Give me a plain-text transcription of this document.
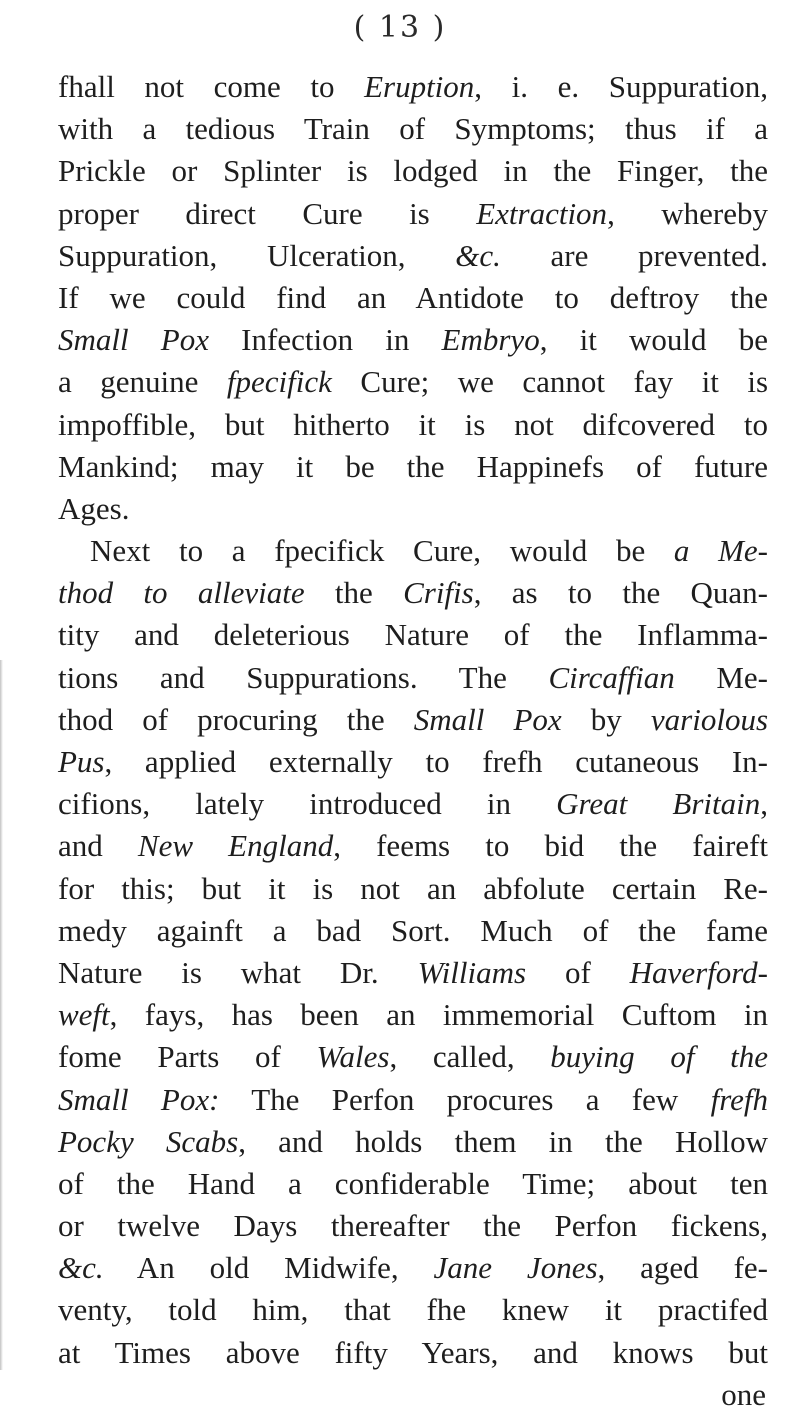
( 13 )
fhall not come to Eruption, i. e. Suppuration,
with a tedious Train of Symptoms; thus if a
Prickle or Splinter is lodged in the Finger, the
proper direct Cure is Extraction, whereby
Suppuration, Ulceration, &c. are prevented.
If we could find an Antidote to deftroy the
Small Pox Infection in Embryo, it would be
a genuine fpecifick Cure; we cannot fay it is
impoffible, but hitherto it is not difcovered to
Mankind; may it be the Happinefs of future
Ages.
Next to a fpecifick Cure, would be a Me-
thod to alleviate the Crifis, as to the Quan-
tity and deleterious Nature of the Inflamma-
tions and Suppurations. The Circaffian Me-
thod of procuring the Small Pox by variolous
Pus, applied externally to frefh cutaneous In-
cifions, lately introduced in Great Britain,
and New England, feems to bid the faireft
for this; but it is not an abfolute certain Re-
medy againft a bad Sort. Much of the fame
Nature is what Dr. Williams of Haverford-
weft, fays, has been an immemorial Cuftom in
fome Parts of Wales, called, buying of the
Small Pox: The Perfon procures a few frefh
Pocky Scabs, and holds them in the Hollow
of the Hand a confiderable Time; about ten
or twelve Days thereafter the Perfon fickens,
&c. An old Midwife, Jane Jones, aged fe-
venty, told him, that fhe knew it practifed
at Times above fifty Years, and knows but
one
